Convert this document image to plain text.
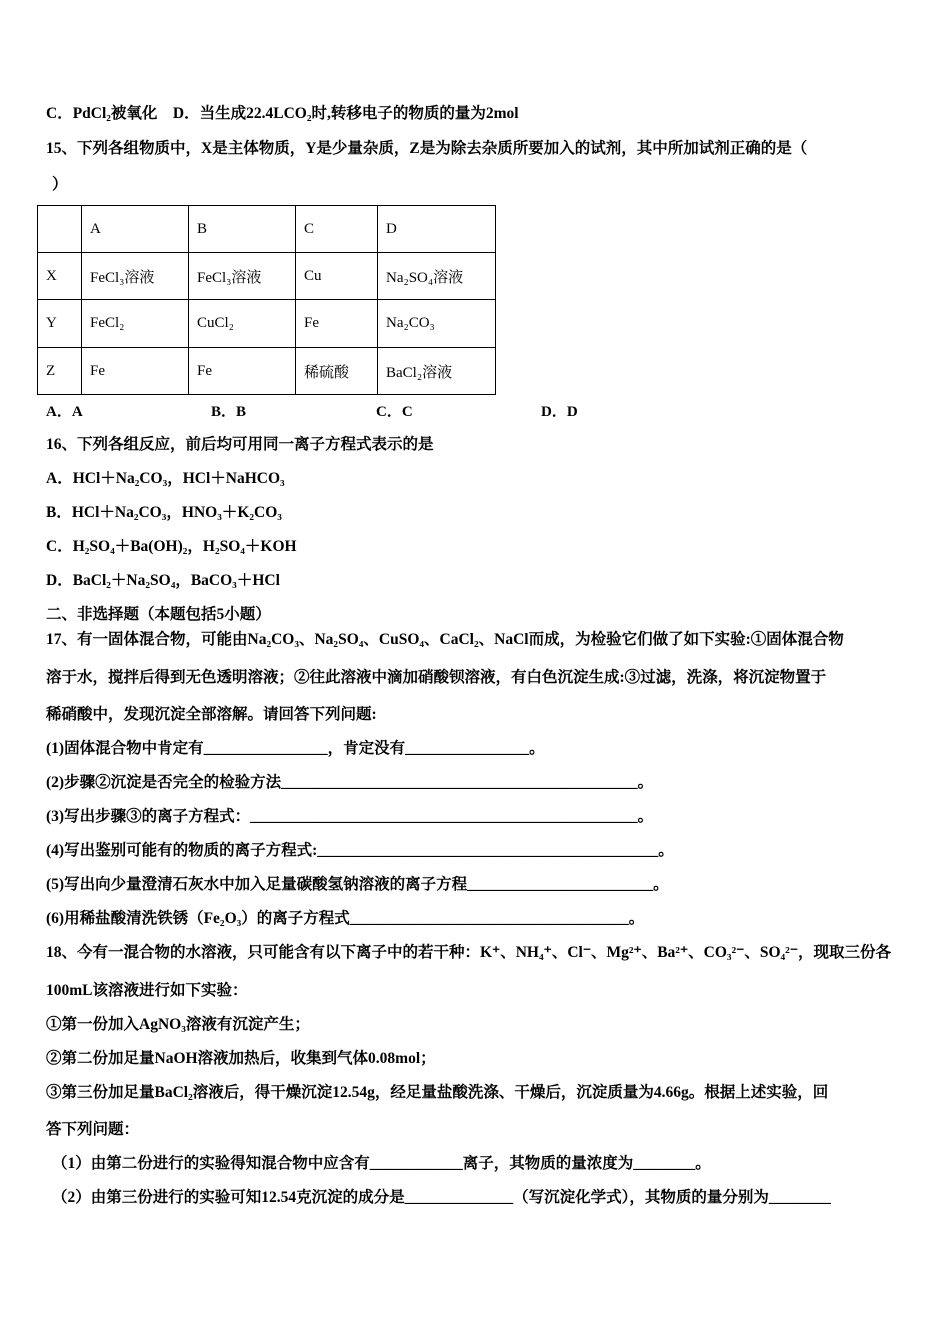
C．PdCl₂被氧化　D．当生成22.4LCO₂时,转移电子的物质的量为2mol
15、下列各组物质中，X是主体物质，Y是少量杂质，Z是为除去杂质所要加入的试剂，其中所加试剂正确的是（
）
	A	B	C	D
X	FeCl₃溶液	FeCl₃溶液	Cu	Na₂SO₄溶液
Y	FeCl₂	CuCl₂	Fe	Na₂CO₃
Z	Fe	Fe	稀硫酸	BaCl₂溶液
A．A	B．B	C．C	D．D
16、下列各组反应，前后均可用同一离子方程式表示的是
A．HCl＋Na₂CO₃，HCl＋NaHCO₃
B．HCl＋Na₂CO₃，HNO₃＋K₂CO₃
C．H₂SO₄＋Ba(OH)₂，H₂SO₄＋KOH
D．BaCl₂＋Na₂SO₄，BaCO₃＋HCl
二、非选择题（本题包括5小题）
17、有一固体混合物，可能由Na₂CO₃、Na₂SO₄、CuSO₄、CaCl₂、NaCl而成，为检验它们做了如下实验:①固体混合物
溶于水，搅拌后得到无色透明溶液；②往此溶液中滴加硝酸钡溶液，有白色沉淀生成:③过滤，洗涤，将沉淀物置于
稀硝酸中，发现沉淀全部溶解。请回答下列问题:
(1)固体混合物中肯定有________________，肯定没有________________。
(2)步骤②沉淀是否完全的检验方法______________________________________________。
(3)写出步骤③的离子方程式：__________________________________________________。
(4)写出鉴别可能有的物质的离子方程式:____________________________________________。
(5)写出向少量澄清石灰水中加入足量碳酸氢钠溶液的离子方程________________________。
(6)用稀盐酸清洗铁锈（Fe₂O₃）的离子方程式____________________________________。
18、今有一混合物的水溶液，只可能含有以下离子中的若干种：K⁺、NH₄⁺、Cl⁻、Mg²⁺、Ba²⁺、CO₃²⁻、SO₄²⁻，现取三份各
100mL该溶液进行如下实验：
①第一份加入AgNO₃溶液有沉淀产生；
②第二份加足量NaOH溶液加热后，收集到气体0.08mol；
③第三份加足量BaCl₂溶液后，得干燥沉淀12.54g，经足量盐酸洗涤、干燥后，沉淀质量为4.66g。根据上述实验，回
答下列问题：
（1）由第二份进行的实验得知混合物中应含有____________离子，其物质的量浓度为________。
（2）由第三份进行的实验可知12.54克沉淀的成分是______________（写沉淀化学式），其物质的量分别为________
